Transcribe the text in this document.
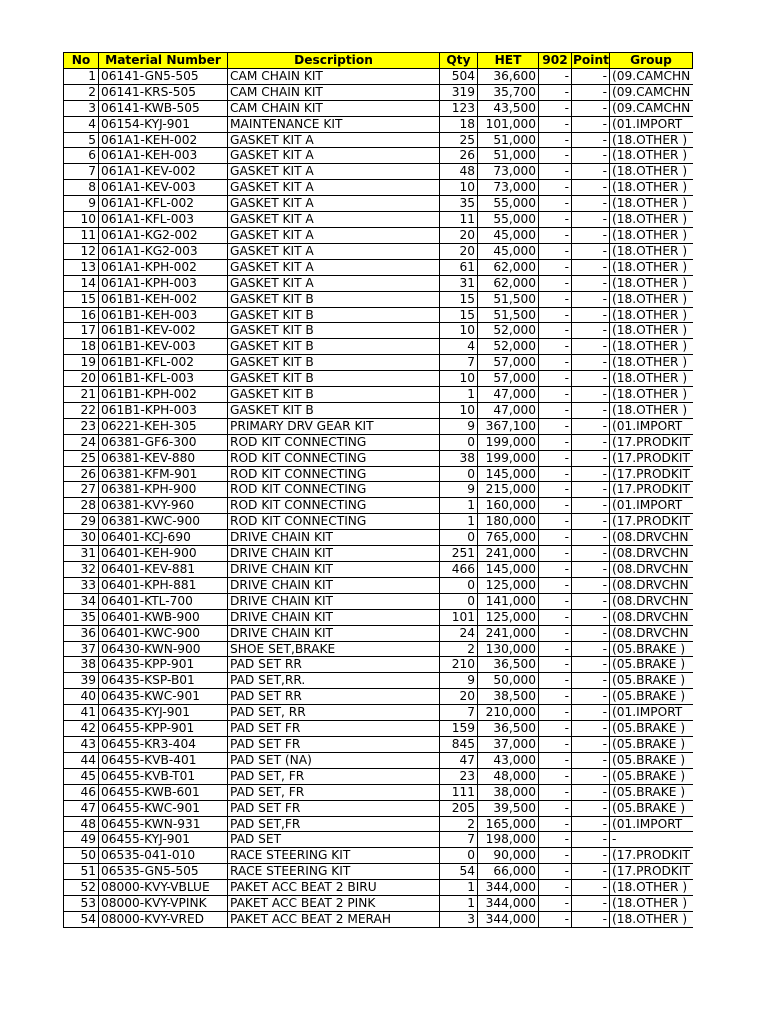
No	Material Number	Description	Qty	HET	902	Point	Group
1	06141-GN5-505	CAM CHAIN KIT	504	36,600	-	-	(09.CAMCHN
2	06141-KRS-505	CAM CHAIN KIT	319	35,700	-	-	(09.CAMCHN
3	06141-KWB-505	CAM CHAIN KIT	123	43,500	-	-	(09.CAMCHN
4	06154-KYJ-901	MAINTENANCE KIT	18	101,000	-	-	(01.IMPORT
5	061A1-KEH-002	GASKET KIT A	25	51,000	-	-	(18.OTHER )
6	061A1-KEH-003	GASKET KIT A	26	51,000	-	-	(18.OTHER )
7	061A1-KEV-002	GASKET KIT A	48	73,000	-	-	(18.OTHER )
8	061A1-KEV-003	GASKET KIT A	10	73,000	-	-	(18.OTHER )
9	061A1-KFL-002	GASKET KIT A	35	55,000	-	-	(18.OTHER )
10	061A1-KFL-003	GASKET KIT A	11	55,000	-	-	(18.OTHER )
11	061A1-KG2-002	GASKET KIT A	20	45,000	-	-	(18.OTHER )
12	061A1-KG2-003	GASKET KIT A	20	45,000	-	-	(18.OTHER )
13	061A1-KPH-002	GASKET KIT A	61	62,000	-	-	(18.OTHER )
14	061A1-KPH-003	GASKET KIT A	31	62,000	-	-	(18.OTHER )
15	061B1-KEH-002	GASKET KIT B	15	51,500	-	-	(18.OTHER )
16	061B1-KEH-003	GASKET KIT B	15	51,500	-	-	(18.OTHER )
17	061B1-KEV-002	GASKET KIT B	10	52,000	-	-	(18.OTHER )
18	061B1-KEV-003	GASKET KIT B	4	52,000	-	-	(18.OTHER )
19	061B1-KFL-002	GASKET KIT B	7	57,000	-	-	(18.OTHER )
20	061B1-KFL-003	GASKET KIT B	10	57,000	-	-	(18.OTHER )
21	061B1-KPH-002	GASKET KIT B	1	47,000	-	-	(18.OTHER )
22	061B1-KPH-003	GASKET KIT B	10	47,000	-	-	(18.OTHER )
23	06221-KEH-305	PRIMARY DRV GEAR KIT	9	367,100	-	-	(01.IMPORT
24	06381-GF6-300	ROD KIT CONNECTING	0	199,000	-	-	(17.PRODKIT
25	06381-KEV-880	ROD KIT CONNECTING	38	199,000	-	-	(17.PRODKIT
26	06381-KFM-901	ROD KIT CONNECTING	0	145,000	-	-	(17.PRODKIT
27	06381-KPH-900	ROD KIT CONNECTING	9	215,000	-	-	(17.PRODKIT
28	06381-KVY-960	ROD KIT CONNECTING	1	160,000	-	-	(01.IMPORT
29	06381-KWC-900	ROD KIT CONNECTING	1	180,000	-	-	(17.PRODKIT
30	06401-KCJ-690	DRIVE CHAIN KIT	0	765,000	-	-	(08.DRVCHN
31	06401-KEH-900	DRIVE CHAIN KIT	251	241,000	-	-	(08.DRVCHN
32	06401-KEV-881	DRIVE CHAIN KIT	466	145,000	-	-	(08.DRVCHN
33	06401-KPH-881	DRIVE CHAIN KIT	0	125,000	-	-	(08.DRVCHN
34	06401-KTL-700	DRIVE CHAIN KIT	0	141,000	-	-	(08.DRVCHN
35	06401-KWB-900	DRIVE CHAIN KIT	101	125,000	-	-	(08.DRVCHN
36	06401-KWC-900	DRIVE CHAIN KIT	24	241,000	-	-	(08.DRVCHN
37	06430-KWN-900	SHOE SET,BRAKE	2	130,000	-	-	(05.BRAKE )
38	06435-KPP-901	PAD SET RR	210	36,500	-	-	(05.BRAKE )
39	06435-KSP-B01	PAD SET,RR.	9	50,000	-	-	(05.BRAKE )
40	06435-KWC-901	PAD SET RR	20	38,500	-	-	(05.BRAKE )
41	06435-KYJ-901	PAD SET, RR	7	210,000	-	-	(01.IMPORT
42	06455-KPP-901	PAD SET FR	159	36,500	-	-	(05.BRAKE )
43	06455-KR3-404	PAD SET FR	845	37,000	-	-	(05.BRAKE )
44	06455-KVB-401	PAD SET (NA)	47	43,000	-	-	(05.BRAKE )
45	06455-KVB-T01	PAD SET, FR	23	48,000	-	-	(05.BRAKE )
46	06455-KWB-601	PAD SET, FR	111	38,000	-	-	(05.BRAKE )
47	06455-KWC-901	PAD SET FR	205	39,500	-	-	(05.BRAKE )
48	06455-KWN-931	PAD SET,FR	2	165,000	-	-	(01.IMPORT
49	06455-KYJ-901	PAD SET	7	198,000	-	-	-
50	06535-041-010	RACE STEERING KIT	0	90,000	-	-	(17.PRODKIT
51	06535-GN5-505	RACE STEERING KIT	54	66,000	-	-	(17.PRODKIT
52	08000-KVY-VBLUE	PAKET ACC BEAT 2 BIRU	1	344,000	-	-	(18.OTHER )
53	08000-KVY-VPINK	PAKET ACC BEAT 2 PINK	1	344,000	-	-	(18.OTHER )
54	08000-KVY-VRED	PAKET ACC BEAT 2 MERAH	3	344,000	-	-	(18.OTHER )
